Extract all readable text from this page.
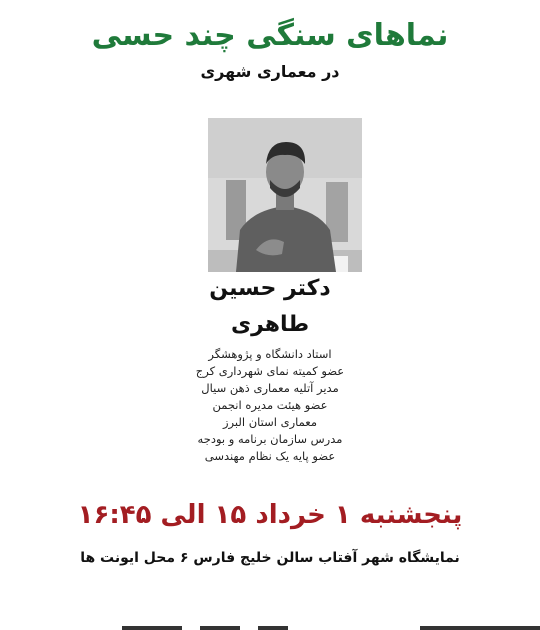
نماهای سنگی چند حسی
در معماری شهری
دکتر حسین
طاهری
استاد دانشگاه و پژوهشگر
عضو کمیته نمای شهرداری کرج
مدیر آتلیه معماری ذهن سیال
عضو هیئت مدیره انجمن
معماری استان البرز
مدرس سازمان برنامه و بودجه
عضو پایه یک نظام مهندسی
پنجشنبه ۱ خرداد ۱۵ الی ۱۶:۴۵
نمایشگاه شهر آفتاب سالن خلیج فارس ۶ محل ایونت ها
